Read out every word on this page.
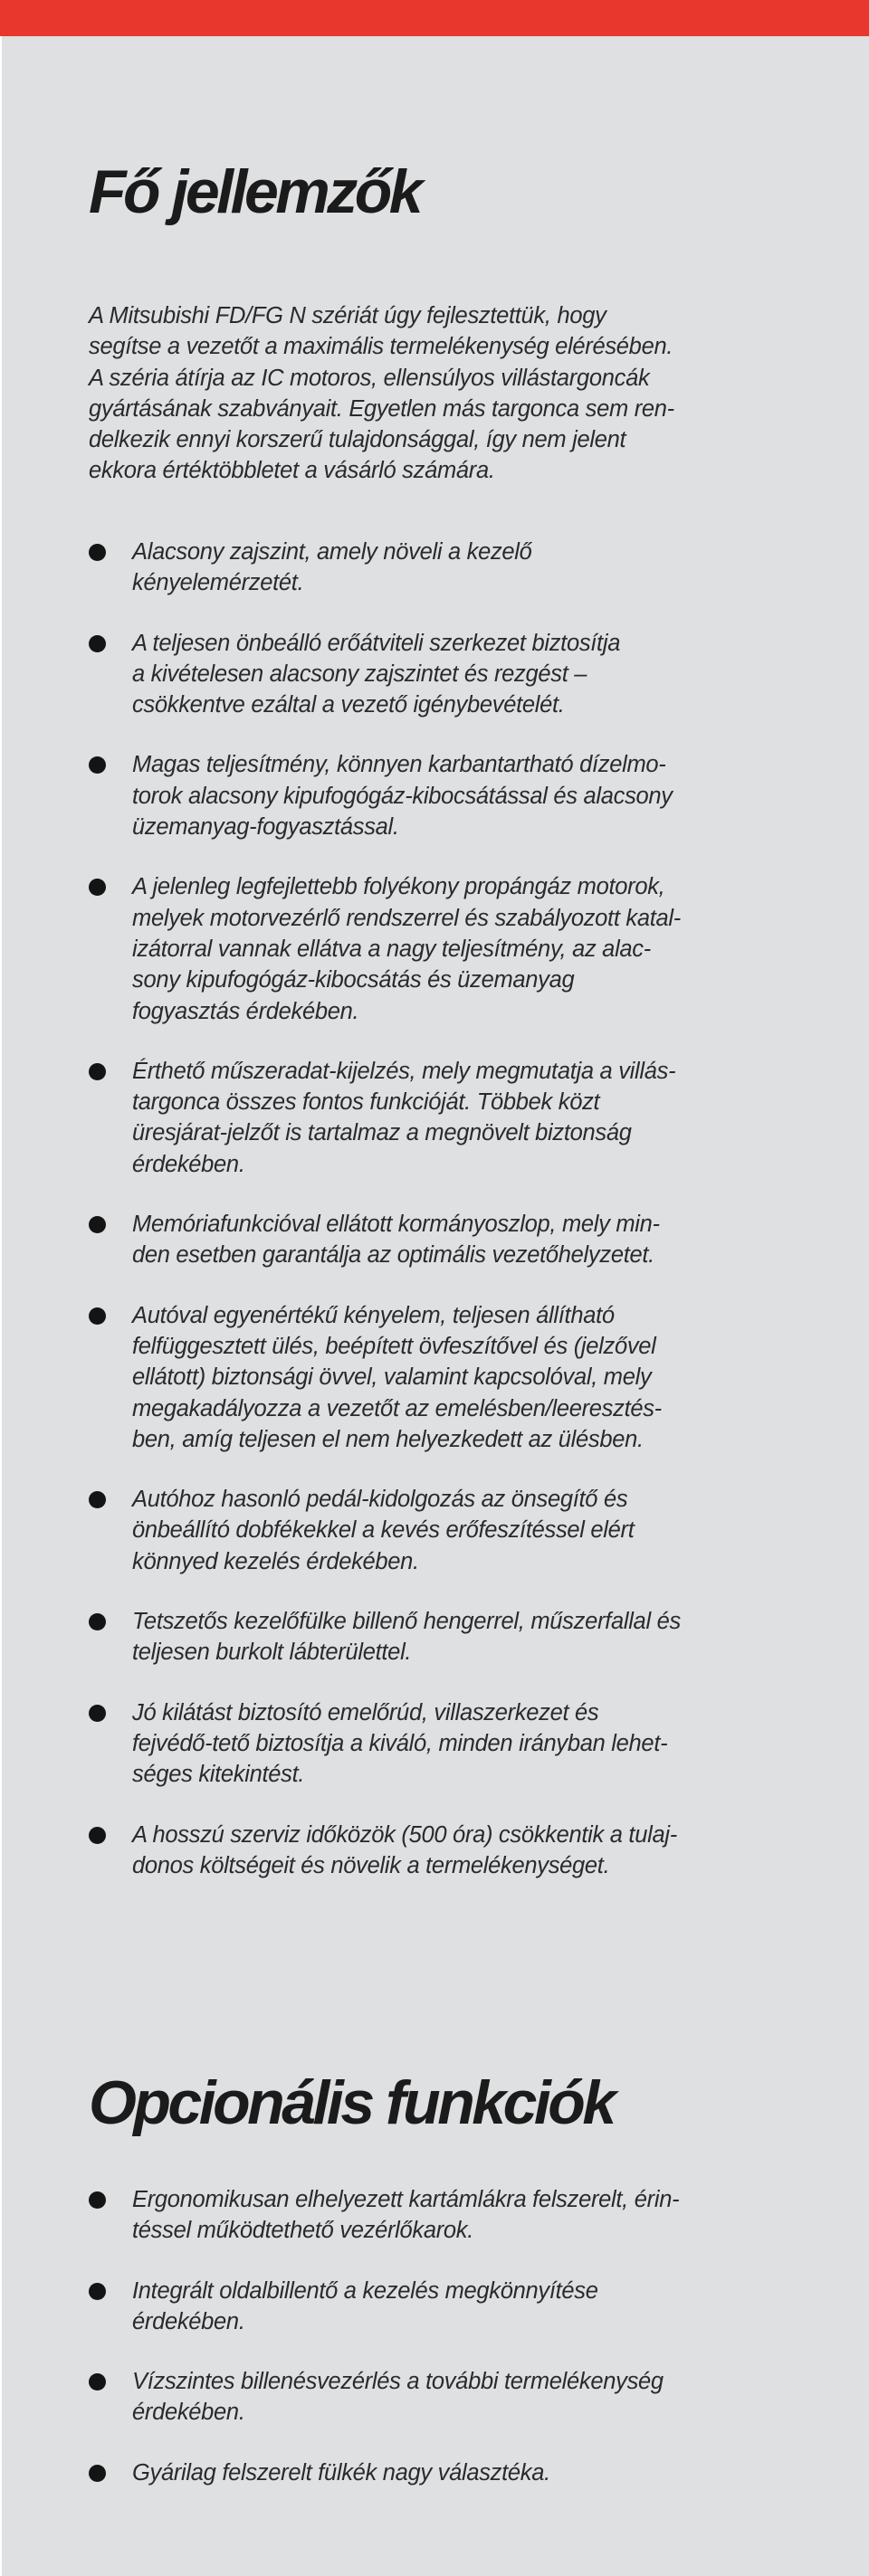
Fő jellemzők

A Mitsubishi FD/FG N szériát úgy fejlesztettük, hogy
segítse a vezetőt a maximális termelékenység elérésében.
A széria átírja az IC motoros, ellensúlyos villástargoncák
gyártásának szabványait. Egyetlen más targonca sem ren-
delkezik ennyi korszerű tulajdonsággal, így nem jelent
ekkora értéktöbbletet a vásárló számára.

Alacsony zajszint, amely növeli a kezelő
kényelemérzetét.
A teljesen önbeálló erőátviteli szerkezet biztosítja
a kivételesen alacsony zajszintet és rezgést –
csökkentve ezáltal a vezető igénybevételét.
Magas teljesítmény, könnyen karbantartható dízelmo-
torok alacsony kipufogógáz-kibocsátással és alacsony
üzemanyag-fogyasztással.
A jelenleg legfejlettebb folyékony propángáz motorok,
melyek motorvezérlő rendszerrel és szabályozott katal-
izátorral vannak ellátva a nagy teljesítmény, az alac-
sony kipufogógáz-kibocsátás és üzemanyag
fogyasztás érdekében.
Érthető műszeradat-kijelzés, mely megmutatja a villás-
targonca összes fontos funkcióját. Többek közt
üresjárat-jelzőt is tartalmaz a megnövelt biztonság
érdekében.
Memóriafunkcióval ellátott kormányoszlop, mely min-
den esetben garantálja az optimális vezetőhelyzetet.
Autóval egyenértékű kényelem, teljesen állítható
felfüggesztett ülés, beépített övfeszítővel és (jelzővel
ellátott) biztonsági övvel, valamint kapcsolóval, mely
megakadályozza a vezetőt az emelésben/leeresztés-
ben, amíg teljesen el nem helyezkedett az ülésben.
Autóhoz hasonló pedál-kidolgozás az önsegítő és
önbeállító dobfékekkel a kevés erőfeszítéssel elért
könnyed kezelés érdekében.
Tetszetős kezelőfülke billenő hengerrel, műszerfallal és
teljesen burkolt lábterülettel.
Jó kilátást biztosító emelőrúd, villaszerkezet és
fejvédő-tető biztosítja a kiváló, minden irányban lehet-
séges kitekintést.
A hosszú szerviz időközök (500 óra) csökkentik a tulaj-
donos költségeit és növelik a termelékenységet.
Opcionális funkciók
Ergonomikusan elhelyezett kartámlákra felszerelt, érin-
téssel működtethető vezérlőkarok.
Integrált oldalbillentő a kezelés megkönnyítése
érdekében.
Vízszintes billenésvezérlés a további termelékenység
érdekében.
Gyárilag felszerelt fülkék nagy választéka.
